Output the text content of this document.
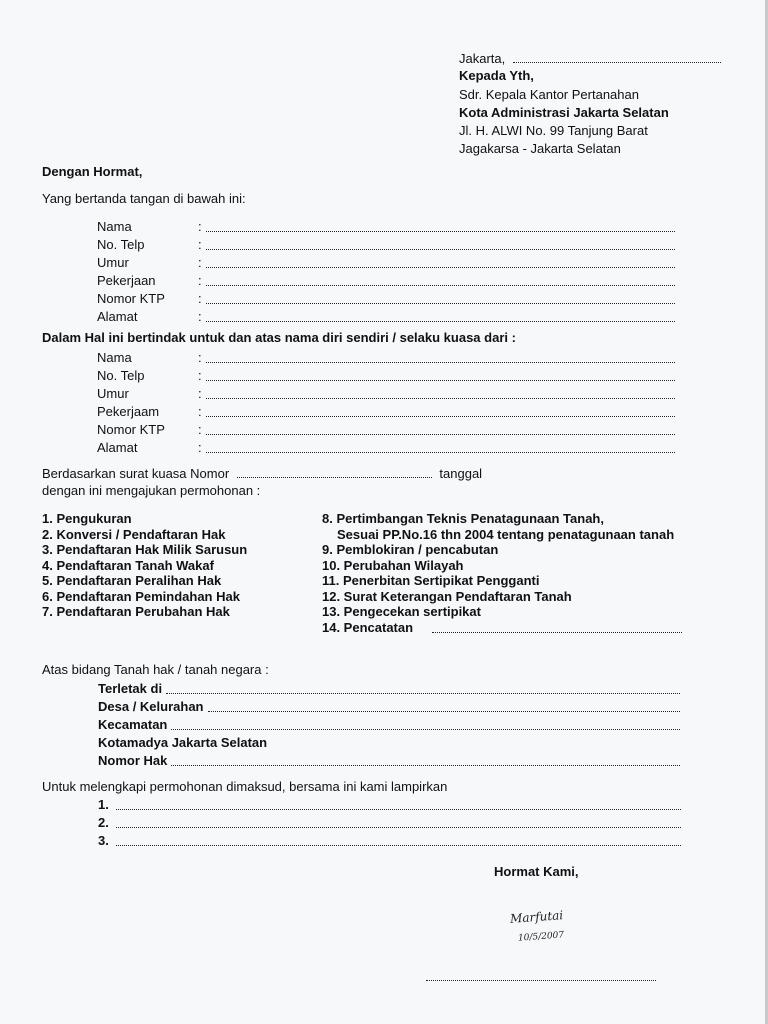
Jakarta,
Kepada Yth,
Sdr. Kepala Kantor Pertanahan
Kota Administrasi Jakarta Selatan
Jl. H. ALWI No. 99 Tanjung Barat
Jagakarsa - Jakarta Selatan
Dengan Hormat,
Yang bertanda tangan di bawah ini:
Nama	:
No. Telp	:
Umur	:
Pekerjaan	:
Nomor KTP	:
Alamat	:
Dalam Hal ini bertindak untuk dan atas nama diri sendiri / selaku kuasa dari :
Nama	:
No. Telp	:
Umur	:
Pekerjaam	:
Nomor KTP	:
Alamat	:
Berdasarkan surat kuasa Nomor	tanggal
dengan ini mengajukan permohonan :
1. Pengukuran
2. Konversi / Pendaftaran Hak
3. Pendaftaran Hak Milik Sarusun
4. Pendaftaran Tanah Wakaf
5. Pendaftaran Peralihan Hak
6. Pendaftaran Pemindahan Hak
7. Pendaftaran Perubahan Hak
8. Pertimbangan Teknis Penatagunaan Tanah,
Sesuai PP.No.16 thn 2004 tentang penatagunaan tanah
9. Pemblokiran / pencabutan
10. Perubahan Wilayah
11. Penerbitan Sertipikat Pengganti
12. Surat Keterangan Pendaftaran Tanah
13. Pengecekan sertipikat
14. Pencatatan
Atas bidang Tanah hak / tanah negara :
Terletak di
Desa / Kelurahan
Kecamatan
Kotamadya Jakarta Selatan
Nomor Hak
Untuk melengkapi permohonan dimaksud, bersama ini kami lampirkan
1.
2.
3.
Hormat Kami,
Marfutai
10/5/2007
